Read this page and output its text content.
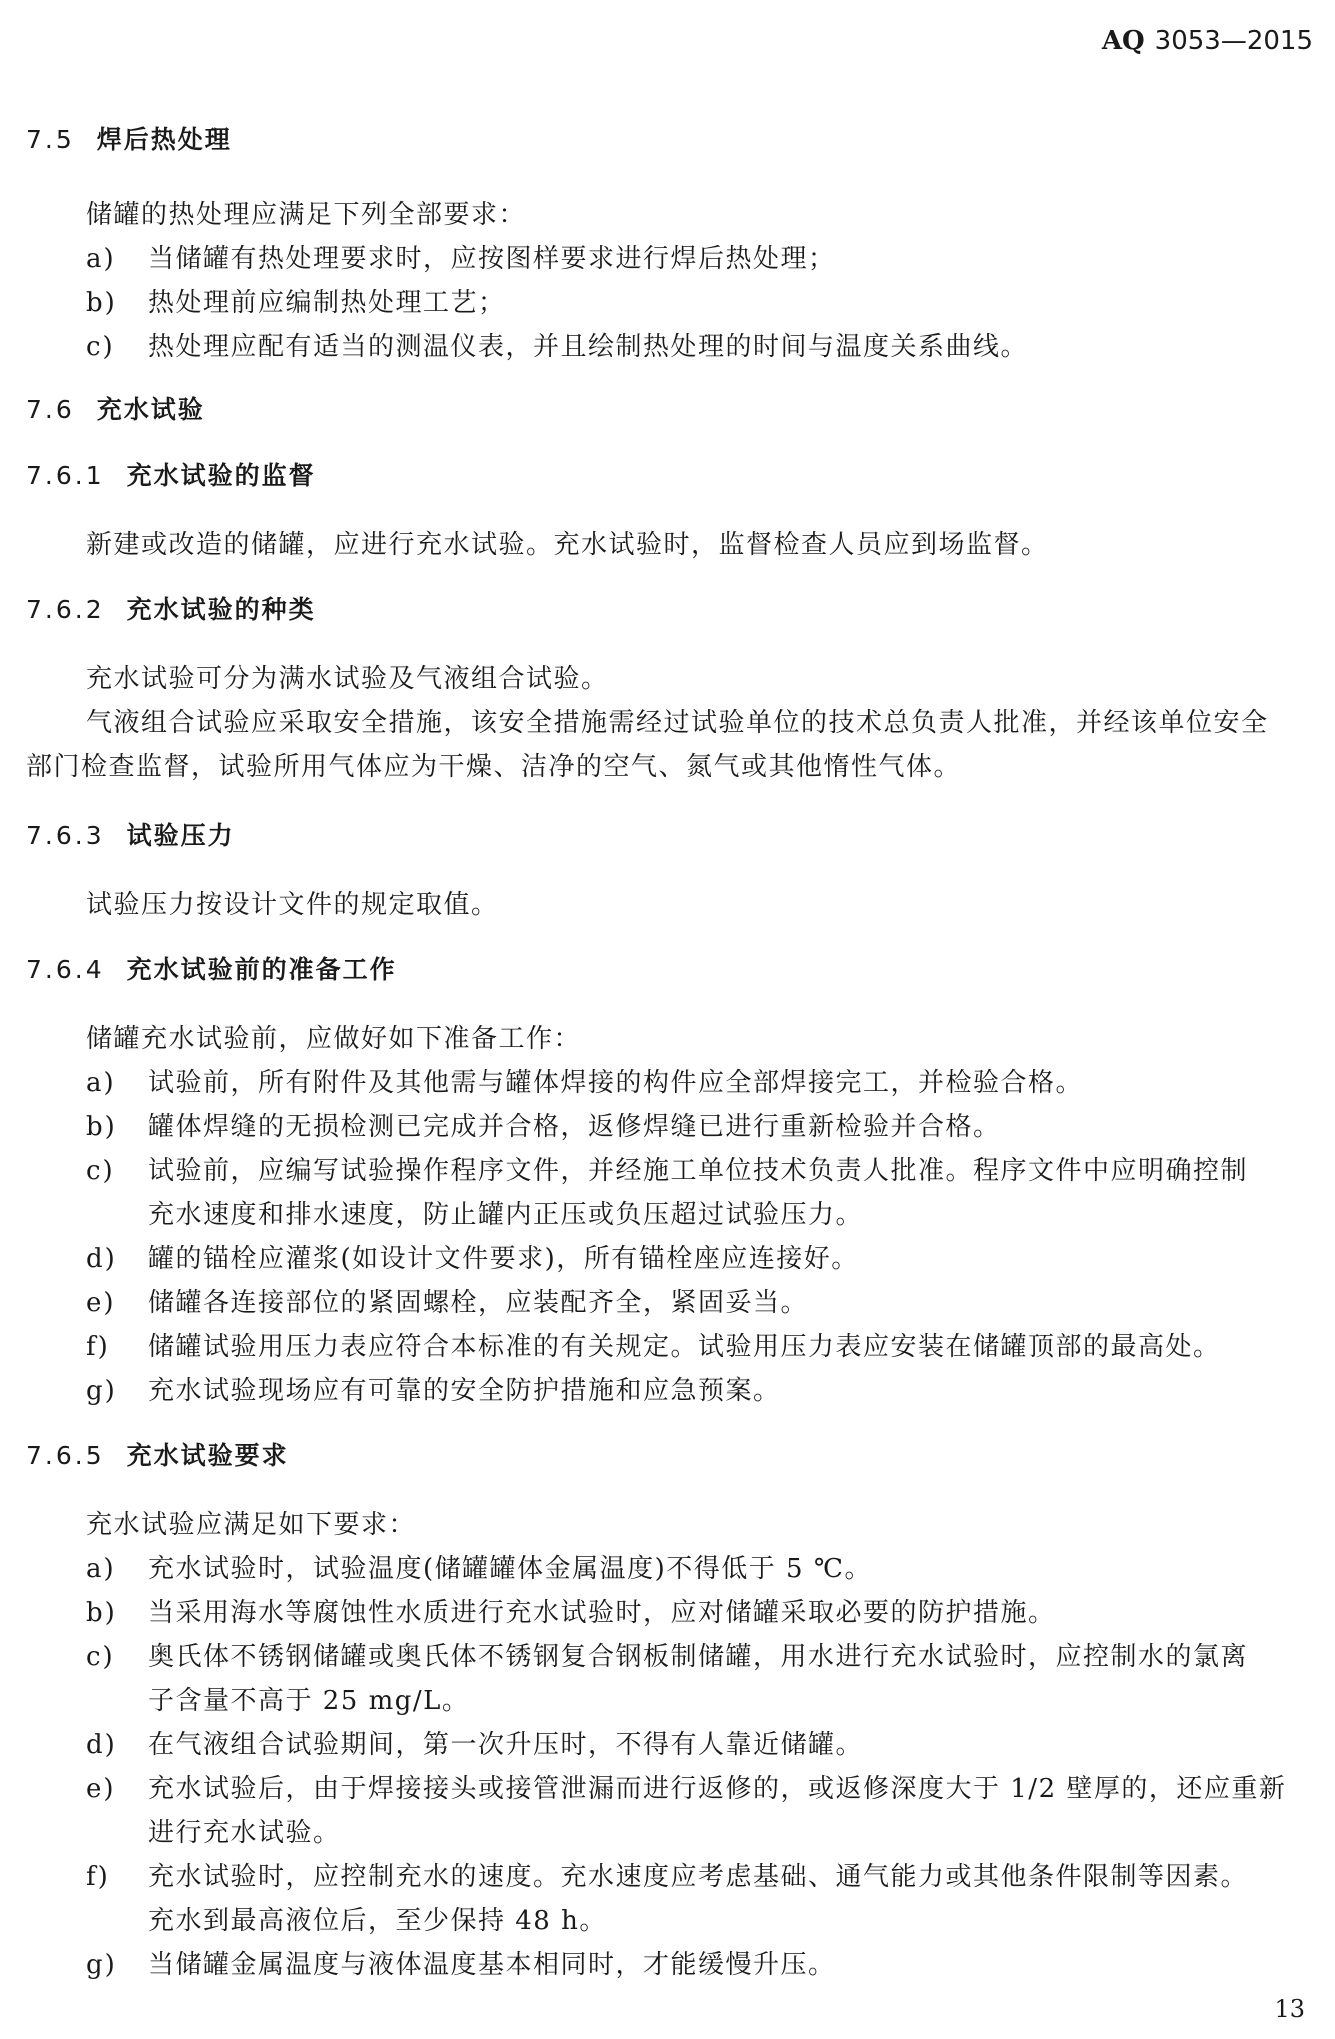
AQ 3053—2015
7.5 焊后热处理
储罐的热处理应满足下列全部要求：
a) 当储罐有热处理要求时，应按图样要求进行焊后热处理；
b) 热处理前应编制热处理工艺；
c) 热处理应配有适当的测温仪表，并且绘制热处理的时间与温度关系曲线。
7.6 充水试验
7.6.1 充水试验的监督
新建或改造的储罐，应进行充水试验。充水试验时，监督检查人员应到场监督。
7.6.2 充水试验的种类
充水试验可分为满水试验及气液组合试验。
气液组合试验应采取安全措施，该安全措施需经过试验单位的技术总负责人批准，并经该单位安全
部门检查监督，试验所用气体应为干燥、洁净的空气、氮气或其他惰性气体。
7.6.3 试验压力
试验压力按设计文件的规定取值。
7.6.4 充水试验前的准备工作
储罐充水试验前，应做好如下准备工作：
a) 试验前，所有附件及其他需与罐体焊接的构件应全部焊接完工，并检验合格。
b) 罐体焊缝的无损检测已完成并合格，返修焊缝已进行重新检验并合格。
c) 试验前，应编写试验操作程序文件，并经施工单位技术负责人批准。程序文件中应明确控制
充水速度和排水速度，防止罐内正压或负压超过试验压力。
d) 罐的锚栓应灌浆(如设计文件要求)，所有锚栓座应连接好。
e) 储罐各连接部位的紧固螺栓，应装配齐全，紧固妥当。
f) 储罐试验用压力表应符合本标准的有关规定。试验用压力表应安装在储罐顶部的最高处。
g) 充水试验现场应有可靠的安全防护措施和应急预案。
7.6.5 充水试验要求
充水试验应满足如下要求：
a) 充水试验时，试验温度(储罐罐体金属温度)不得低于 5 ℃。
b) 当采用海水等腐蚀性水质进行充水试验时，应对储罐采取必要的防护措施。
c) 奥氏体不锈钢储罐或奥氏体不锈钢复合钢板制储罐，用水进行充水试验时，应控制水的氯离
子含量不高于 25 mg/L。
d) 在气液组合试验期间，第一次升压时，不得有人靠近储罐。
e) 充水试验后，由于焊接接头或接管泄漏而进行返修的，或返修深度大于 1/2 壁厚的，还应重新
进行充水试验。
f) 充水试验时，应控制充水的速度。充水速度应考虑基础、通气能力或其他条件限制等因素。
充水到最高液位后，至少保持 48 h。
g) 当储罐金属温度与液体温度基本相同时，才能缓慢升压。
13
